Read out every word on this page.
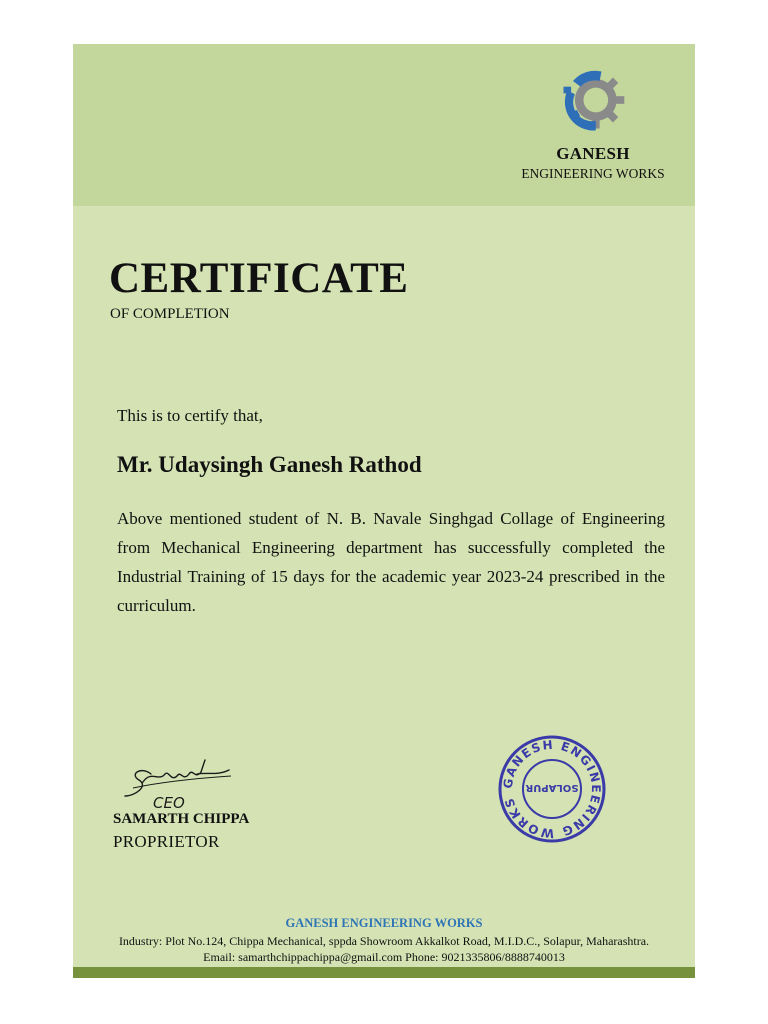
GANESH
ENGINEERING WORKS
CERTIFICATE
OF COMPLETION
This is to certify that,
Mr. Udaysingh Ganesh Rathod
Above mentioned student of N. B. Navale Singhgad Collage of Engineering from Mechanical Engineering department has successfully completed the Industrial Training of 15 days for the academic year 2023-24 prescribed in the curriculum.
CEO
SAMARTH CHIPPA
PROPRIETOR
GANESH ENGINEERING WORKS
SOLAPUR
GANESH ENGINEERING WORKS
Industry: Plot No.124, Chippa Mechanical, sppda Showroom Akkalkot Road, M.I.D.C., Solapur, Maharashtra.
Email: samarthchippachippa@gmail.com Phone: 9021335806/8888740013
